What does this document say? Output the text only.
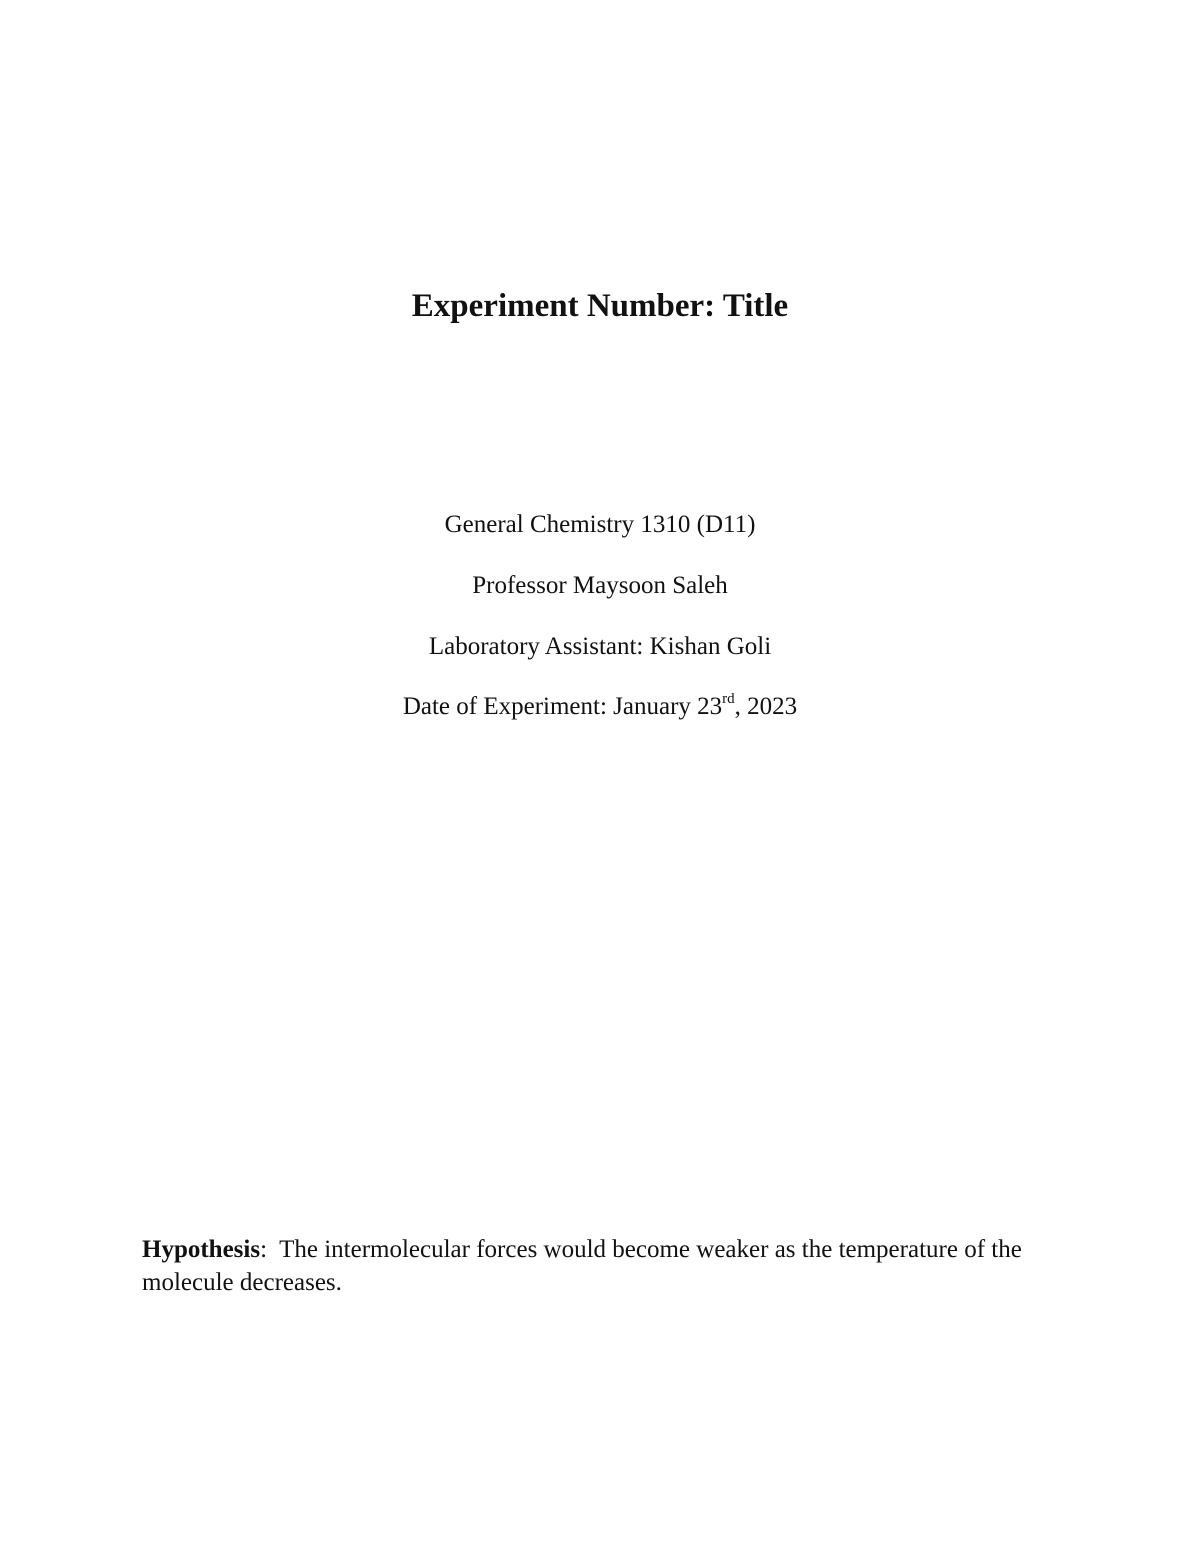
Experiment Number: Title

General Chemistry 1310 (D11)

Professor Maysoon Saleh

Laboratory Assistant: Kishan Goli

Date of Experiment: January 23rd, 2023

Hypothesis:  The intermolecular forces would become weaker as the temperature of the molecule decreases.
